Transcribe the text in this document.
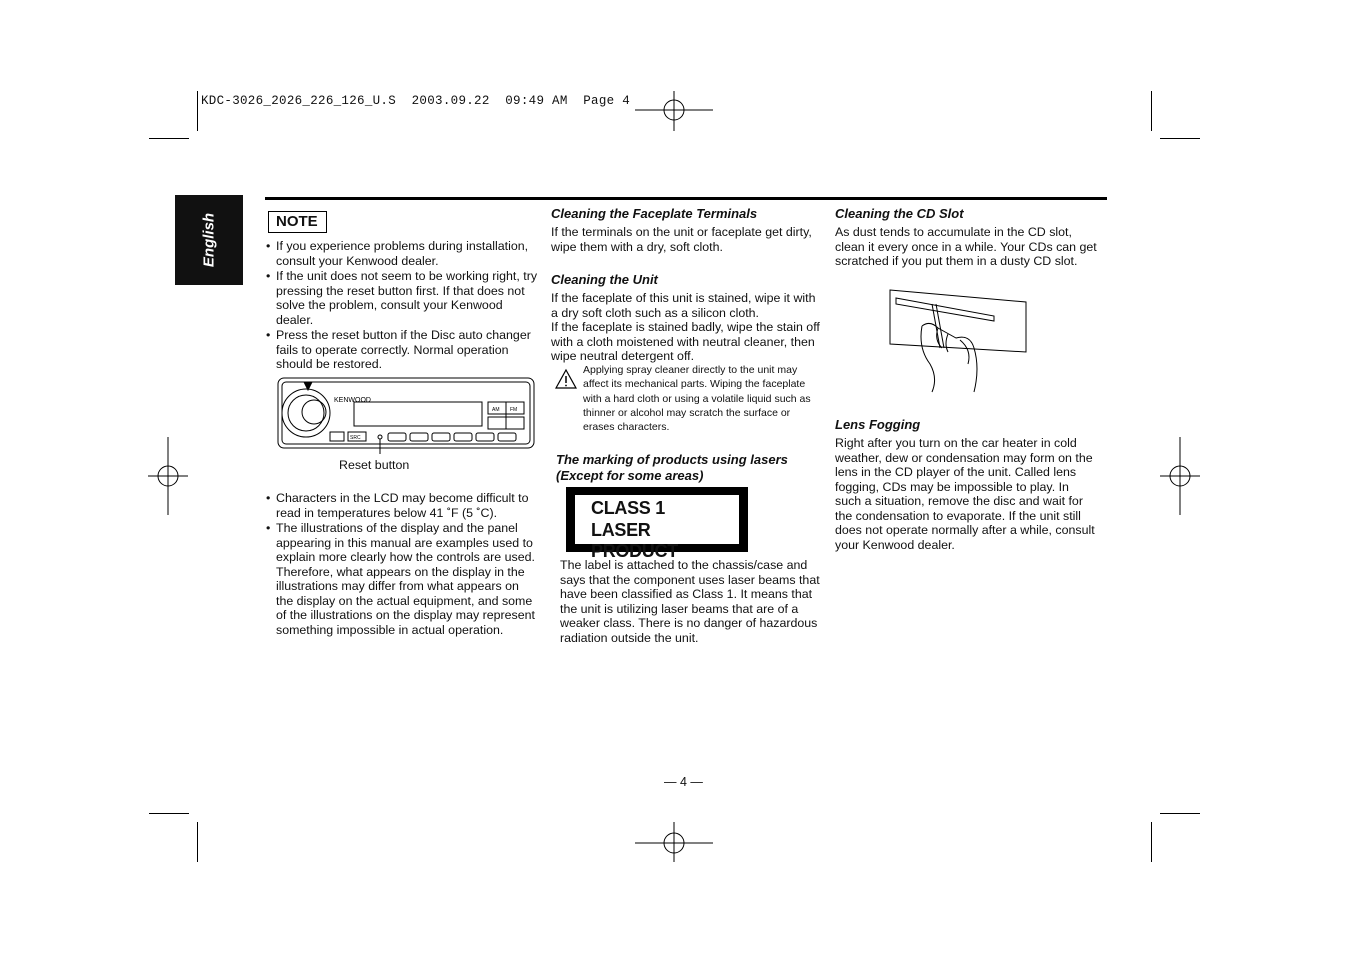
KDC-3026_2026_226_126_U.S  2003.09.22  09:49 AM  Page 4
English	NOTE
• If you experience problems during installation, consult your Kenwood dealer.
• If the unit does not seem to be working right, try pressing the reset button first. If that does not solve the problem, consult your Kenwood dealer.
• Press the reset button if the Disc auto changer fails to operate correctly. Normal operation should be restored.
KENWOOD
AM FM
SRC
Reset button
• Characters in the LCD may become difficult to read in temperatures below 41 ˚F (5 ˚C).
• The illustrations of the display and the panel appearing in this manual are examples used to explain more clearly how the controls are used. Therefore, what appears on the display in the illustrations may differ from what appears on the display on the actual equipment, and some of the illustrations on the display may represent something impossible in actual operation.
Cleaning the Faceplate Terminals

If the terminals on the unit or faceplate get dirty, wipe them with a dry, soft cloth.

Cleaning the Unit

If the faceplate of this unit is stained, wipe it with a dry soft cloth such as a silicon cloth.

If the faceplate is stained badly, wipe the stain off with a cloth moistened with neutral cleaner, then wipe neutral detergent off.

Applying spray cleaner directly to the unit may affect its mechanical parts. Wiping the faceplate with a hard cloth or using a volatile liquid such as thinner or alcohol may scratch the surface or erases characters.

The marking of products using lasers
(Except for some areas)
CLASS 1
LASER PRODUCT

The label is attached to the chassis/case and says that the component uses laser beams that have been classified as Class 1. It means that the unit is utilizing laser beams that are of a weaker class. There is no danger of hazardous radiation outside the unit.

Cleaning the CD Slot

As dust tends to accumulate in the CD slot, clean it every once in a while. Your CDs can get scratched if you put them in a dusty CD slot.

Lens Fogging

Right after you turn on the car heater in cold weather, dew or condensation may form on the lens in the CD player of the unit. Called lens fogging, CDs may be impossible to play. In such a situation, remove the disc and wait for the condensation to evaporate. If the unit still does not operate normally after a while, consult your Kenwood dealer.

— 4 —
